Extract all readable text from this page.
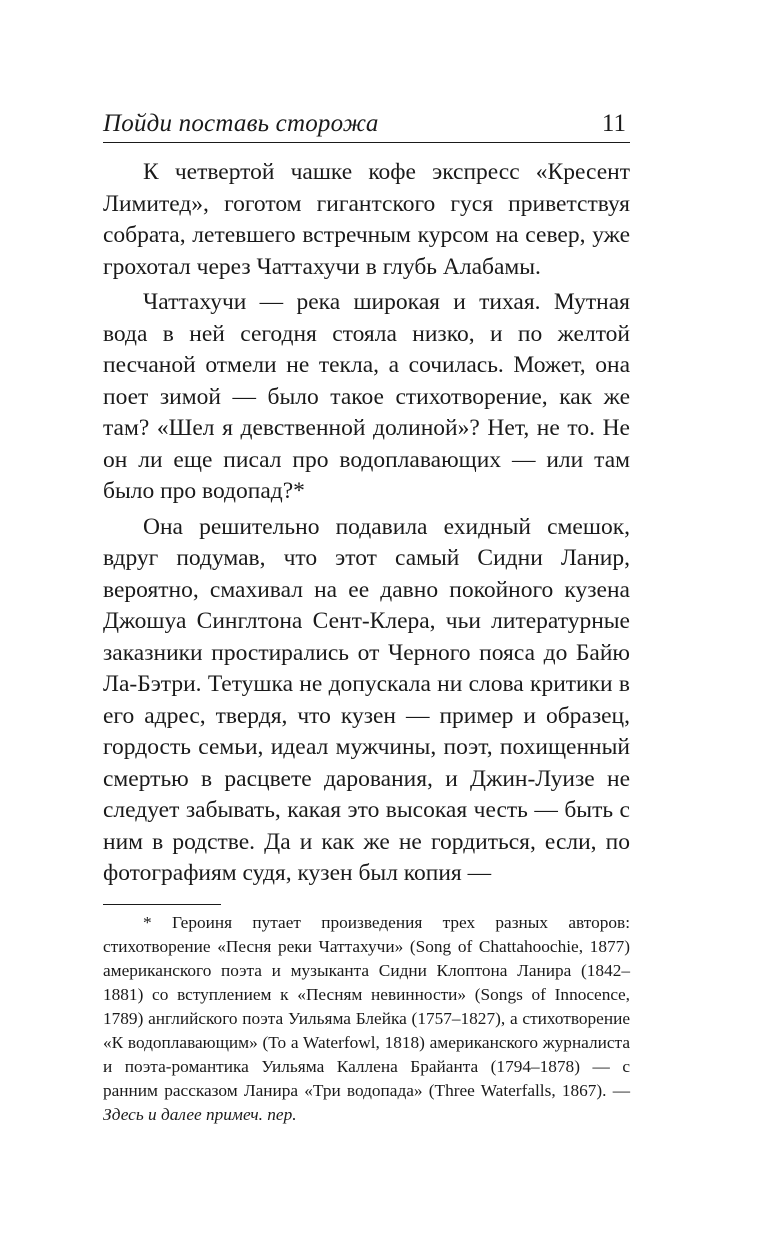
Пойди поставь сторожа	11

К четвертой чашке кофе экспресс «Кресент Лимитед», гоготом гигантского гуся приветствуя собрата, летевшего встречным курсом на север, уже грохотал через Чаттахучи в глубь Алабамы.

Чаттахучи — река широкая и тихая. Мутная вода в ней сегодня стояла низко, и по желтой песчаной отмели не текла, а сочилась. Может, она поет зимой — было такое стихотворение, как же там? «Шел я девственной долиной»? Нет, не то. Не он ли еще писал про водоплавающих — или там было про водопад?*

Она решительно подавила ехидный смешок, вдруг подумав, что этот самый Сидни Ланир, вероятно, смахивал на ее давно покойного кузена Джошуа Синглтона Сент-Клера, чьи литературные заказники простирались от Черного пояса до Байю Ла-Бэтри. Тетушка не допускала ни слова критики в его адрес, твердя, что кузен — пример и образец, гордость семьи, идеал мужчины, поэт, похищенный смертью в расцвете дарования, и Джин-Луизе не следует забывать, какая это высокая честь — быть с ним в родстве. Да и как же не гордиться, если, по фотографиям судя, кузен был копия —

* Героиня путает произведения трех разных авторов: стихотворение «Песня реки Чаттахучи» (Song of Chattahoochie, 1877) американского поэта и музыканта Сидни Клоптона Ланира (1842–1881) со вступлением к «Песням невинности» (Songs of Innocence, 1789) английского поэта Уильяма Блейка (1757–1827), а стихотворение «К водоплавающим» (To a Waterfowl, 1818) американского журналиста и поэта-романтика Уильяма Каллена Брайанта (1794–1878) — с ранним рассказом Ланира «Три водопада» (Three Waterfalls, 1867). — Здесь и далее примеч. пер.
